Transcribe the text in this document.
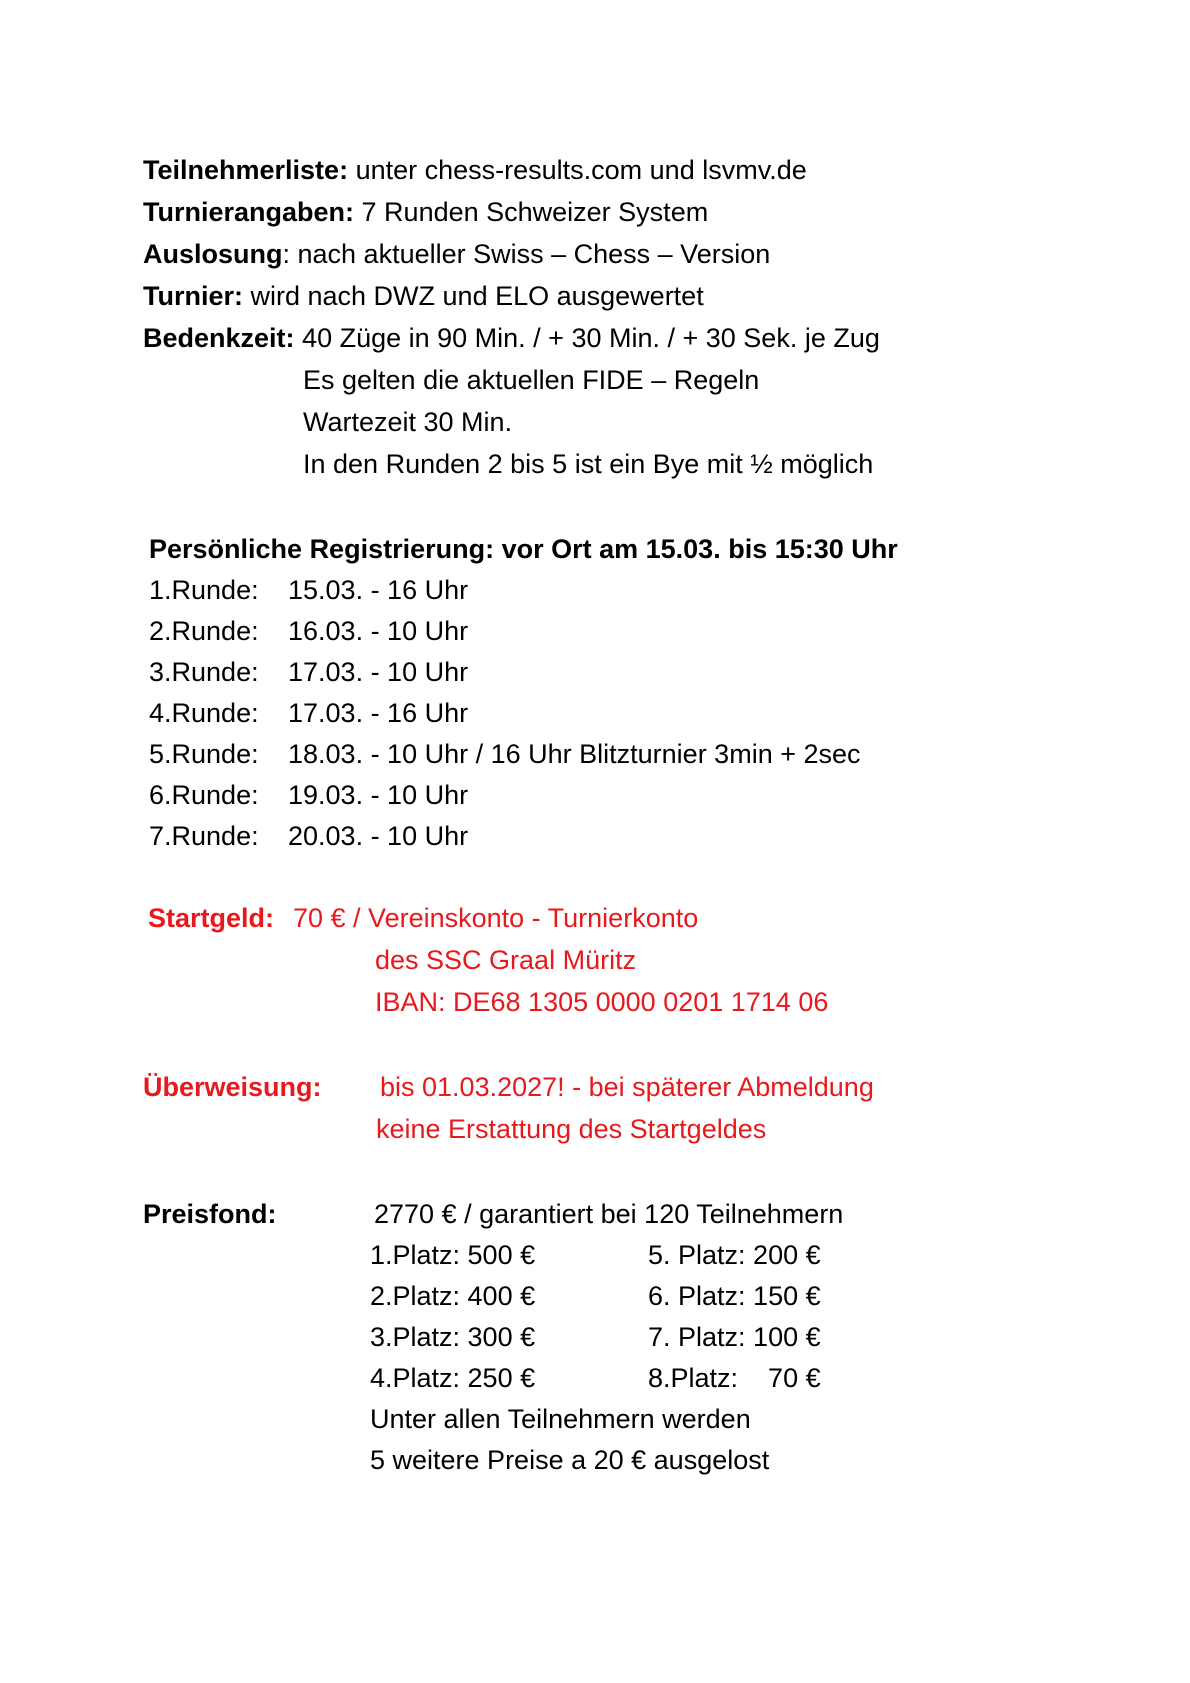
Teilnehmerliste: unter chess-results.com und lsvmv.de
Turnierangaben: 7 Runden Schweizer System
Auslosung: nach aktueller Swiss – Chess – Version
Turnier: wird nach DWZ und ELO ausgewertet
Bedenkzeit: 40 Züge in 90 Min. / + 30 Min. / + 30 Sek. je Zug
Es gelten die aktuellen FIDE – Regeln
Wartezeit 30 Min.
In den Runden 2 bis 5 ist ein Bye mit ½ möglich
Persönliche Registrierung: vor Ort am 15.03. bis 15:30 Uhr
1.Runde: 15.03. - 16 Uhr
2.Runde: 16.03. - 10 Uhr
3.Runde: 17.03. - 10 Uhr
4.Runde: 17.03. - 16 Uhr
5.Runde: 18.03. - 10 Uhr / 16 Uhr Blitzturnier 3min + 2sec
6.Runde: 19.03. - 10 Uhr
7.Runde: 20.03. - 10 Uhr
Startgeld: 70 € / Vereinskonto - Turnierkonto
des SSC Graal Müritz
IBAN: DE68 1305 0000 0201 1714 06
Überweisung: bis 01.03.2027! - bei späterer Abmeldung
keine Erstattung des Startgeldes
Preisfond:	2770 € / garantiert bei 120 Teilnehmern
1.Platz: 500 €	5. Platz: 200 €
2.Platz: 400 €	6. Platz: 150 €
3.Platz: 300 €	7. Platz: 100 €
4.Platz: 250 €	8.Platz:    70 €
Unter allen Teilnehmern werden
5 weitere Preise a 20 € ausgelost
